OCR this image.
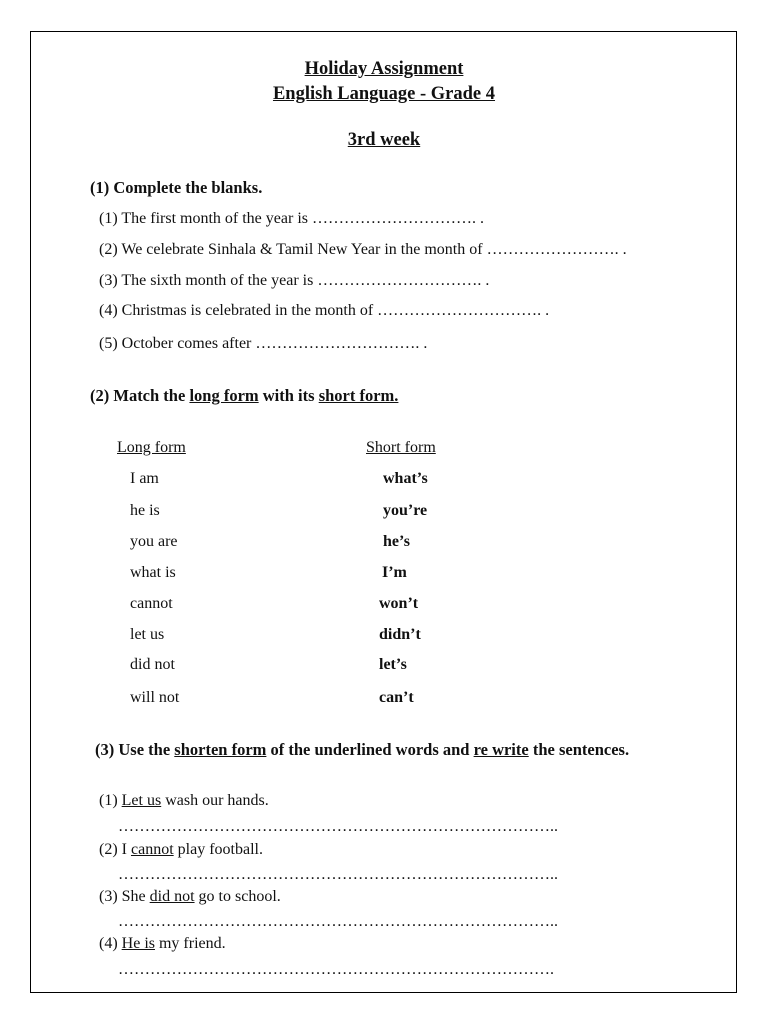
Holiday Assignment
English Language - Grade 4
3rd week
(1) Complete the blanks.
(1) The first month of the year is …………………………. .
(2) We celebrate Sinhala & Tamil New Year in the month of ……………………. .
(3) The sixth month of the year is …………………………. .
(4) Christmas is celebrated in the month of …………………………. .
(5) October comes after …………………………. .
(2) Match the long form with its short form.
Long form	Short form
I am
he is
you are
what is
cannot
let us
did not
will not
what’s
you’re
he’s
I’m
won’t
didn’t
let’s
can’t
(3) Use the shorten form of the underlined words and re write the sentences.
(1) Let us wash our hands.
………………………………………………………………………..
(2) I cannot play football.
………………………………………………………………………..
(3) She did not go to school.
………………………………………………………………………..
(4) He is my friend.
……………………………………………………………………….
